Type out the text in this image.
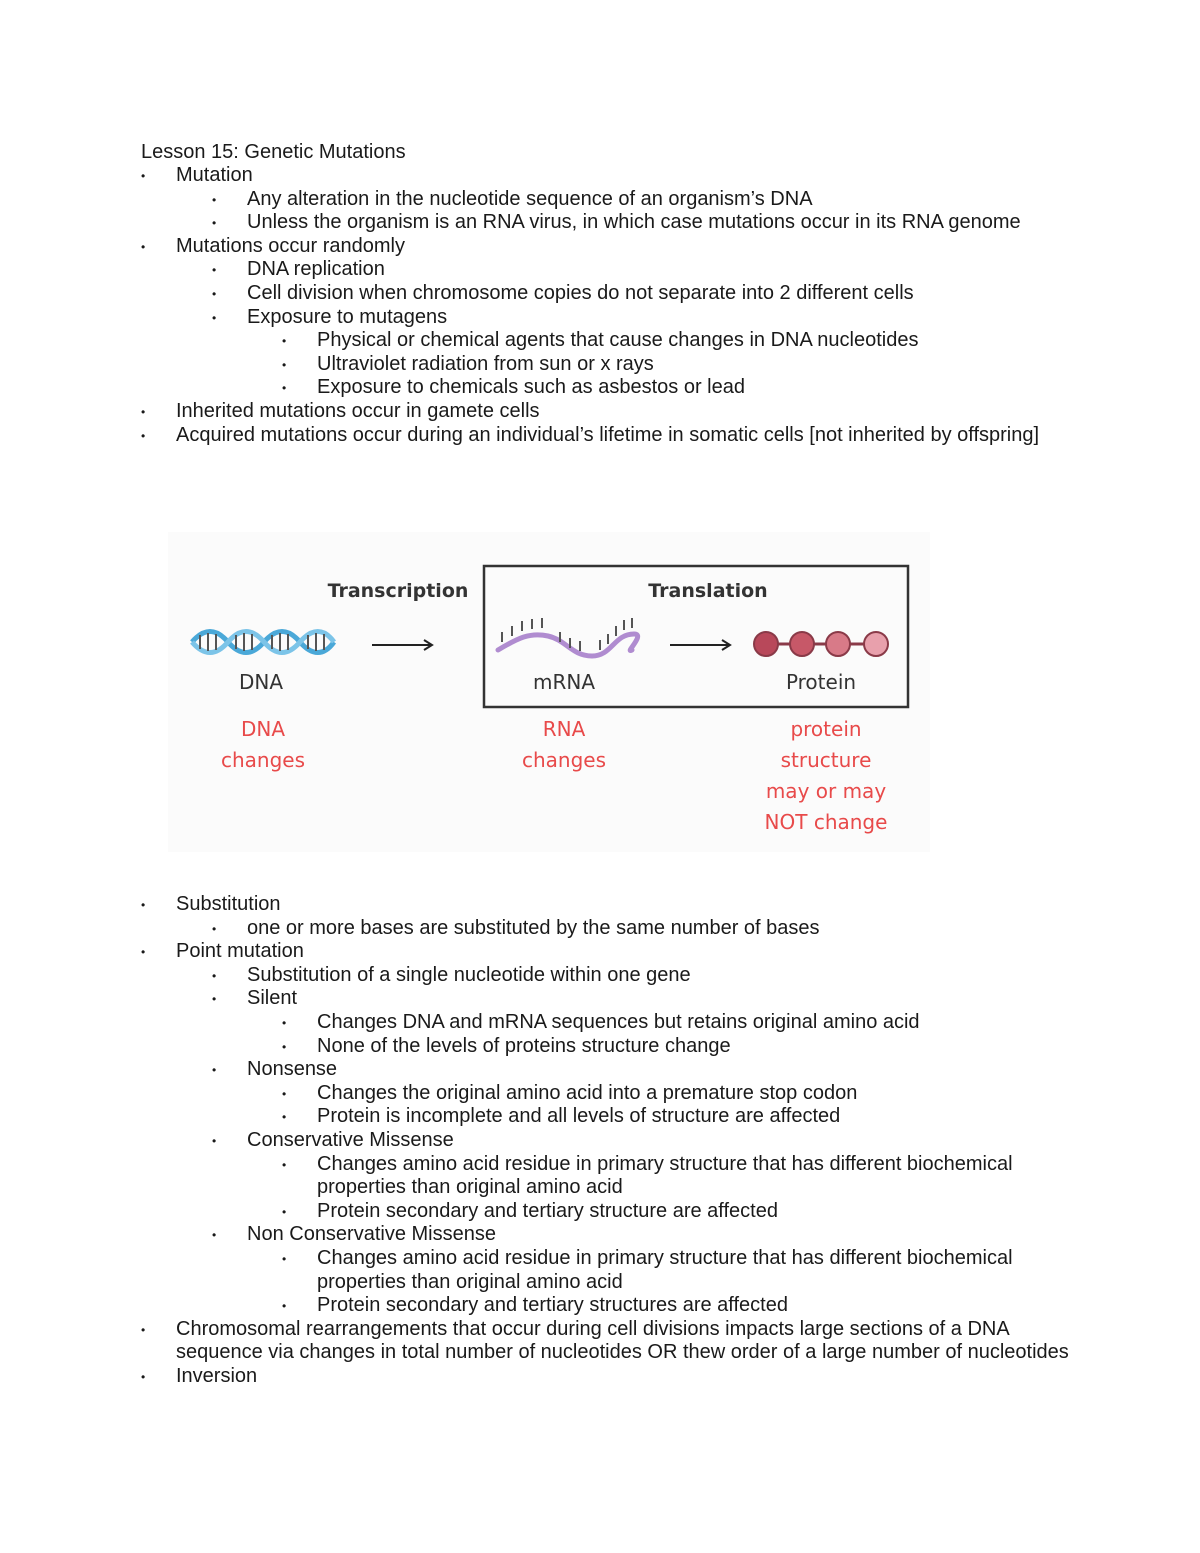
Lesson 15: Genetic Mutations
• Mutation
• Any alteration in the nucleotide sequence of an organism’s DNA
• Unless the organism is an RNA virus, in which case mutations occur in its RNA genome
• Mutations occur randomly
• DNA replication
• Cell division when chromosome copies do not separate into 2 different cells
• Exposure to mutagens
• Physical or chemical agents that cause changes in DNA nucleotides
• Ultraviolet radiation from sun or x rays
• Exposure to chemicals such as asbestos or lead
• Inherited mutations occur in gamete cells
• Acquired mutations occur during an individual’s lifetime in somatic cells [not inherited by offspring]
Transcription	Translation
DNA	mRNA	Protein
DNA
changes
RNA
changes
protein
structure
may or may
NOT change
• Substitution
• one or more bases are substituted by the same number of bases
• Point mutation
• Substitution of a single nucleotide within one gene
• Silent
• Changes DNA and mRNA sequences but retains original amino acid
• None of the levels of proteins structure change
• Nonsense
• Changes the original amino acid into a premature stop codon
• Protein is incomplete and all levels of structure are affected
• Conservative Missense
• Changes amino acid residue in primary structure that has different biochemical properties than original amino acid
• Protein secondary and tertiary structure are affected
• Non Conservative Missense
• Changes amino acid residue in primary structure that has different biochemical properties than original amino acid
• Protein secondary and tertiary structures are affected
• Chromosomal rearrangements that occur during cell divisions impacts large sections of a DNA sequence via changes in total number of nucleotides OR thew order of a large number of nucleotides
• Inversion
